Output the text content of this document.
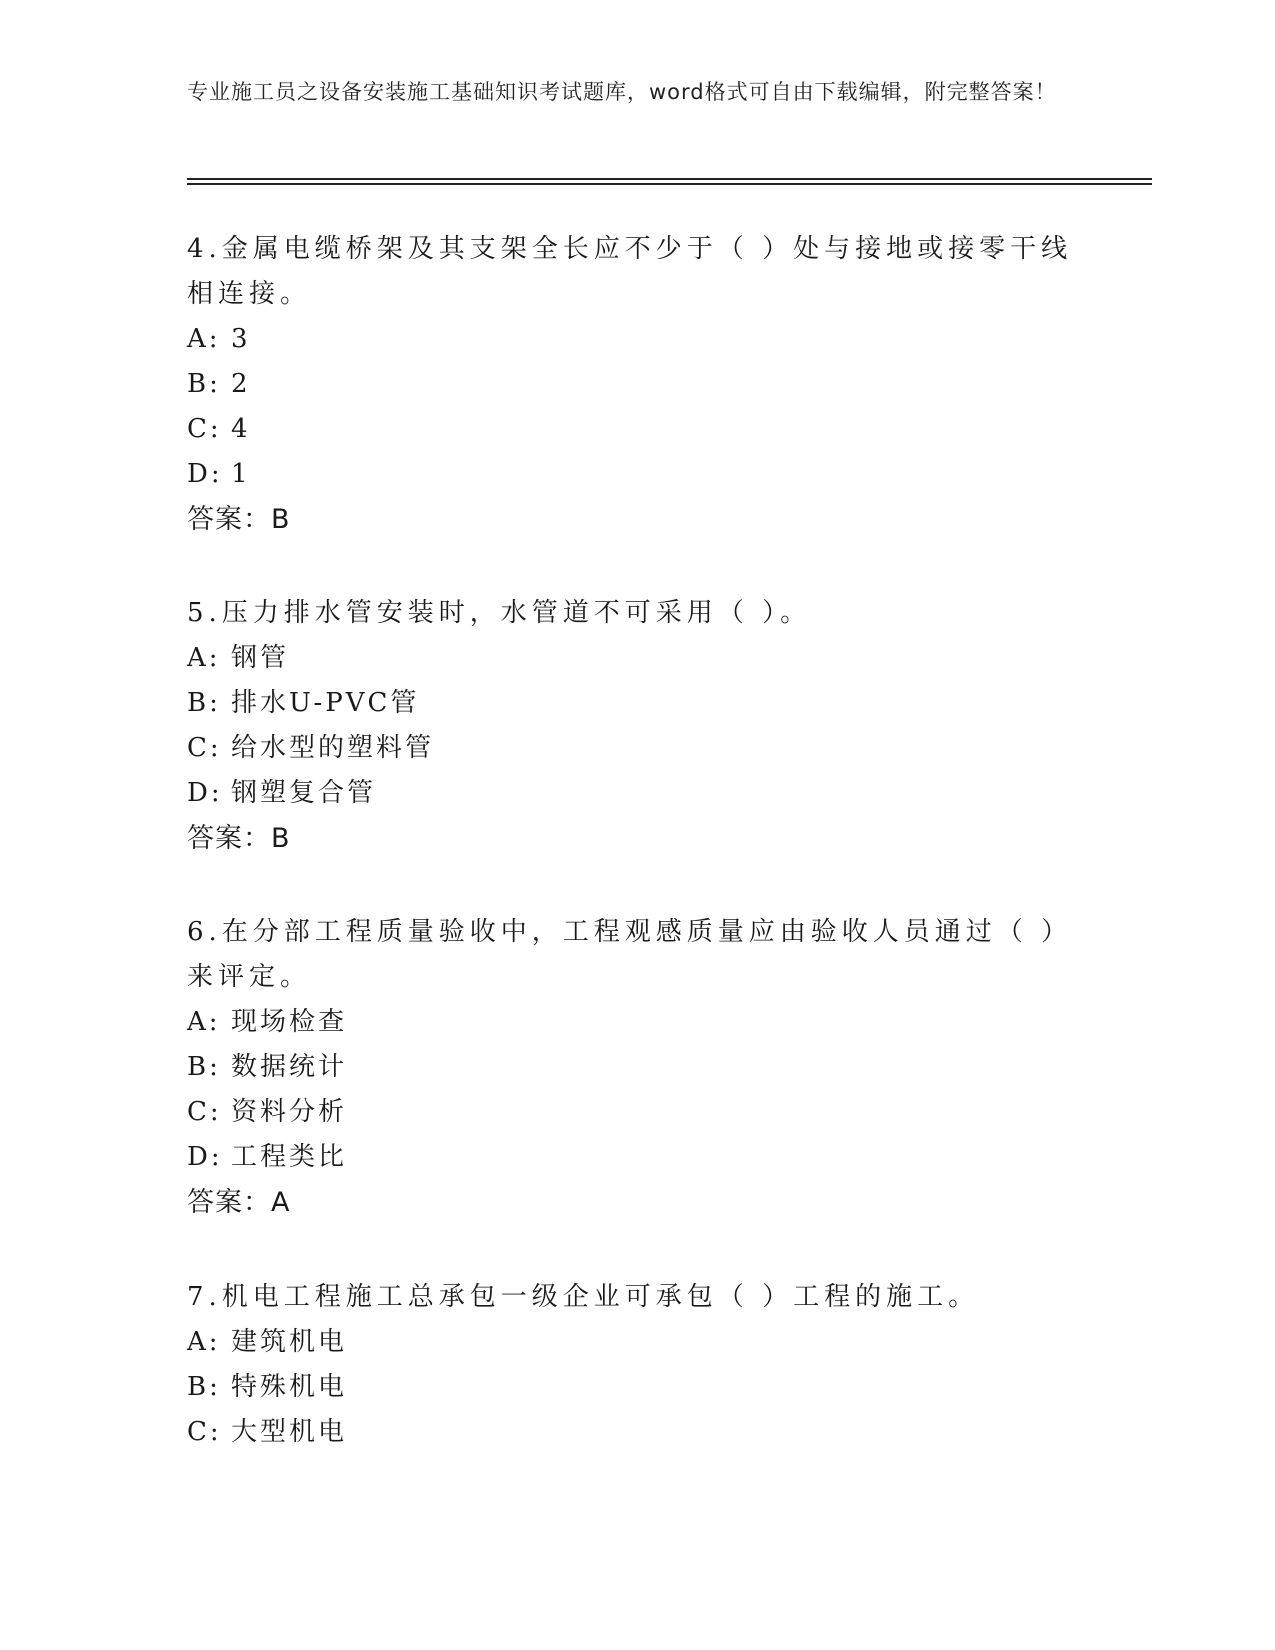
专业施工员之设备安装施工基础知识考试题库，word格式可自由下载编辑，附完整答案！

4.金属电缆桥架及其支架全长应不少于（ ）处与接地或接零干线相连接。

A: 3

B: 2

C: 4

D: 1

答案：B

5.压力排水管安装时，水管道不可采用（ ）。

A: 钢管

B: 排水U-PVC管

C: 给水型的塑料管

D: 钢塑复合管

答案：B

6.在分部工程质量验收中，工程观感质量应由验收人员通过（ ）来评定。

A: 现场检查

B: 数据统计

C: 资料分析

D: 工程类比

答案：A

7.机电工程施工总承包一级企业可承包（ ）工程的施工。

A: 建筑机电

B: 特殊机电

C: 大型机电
